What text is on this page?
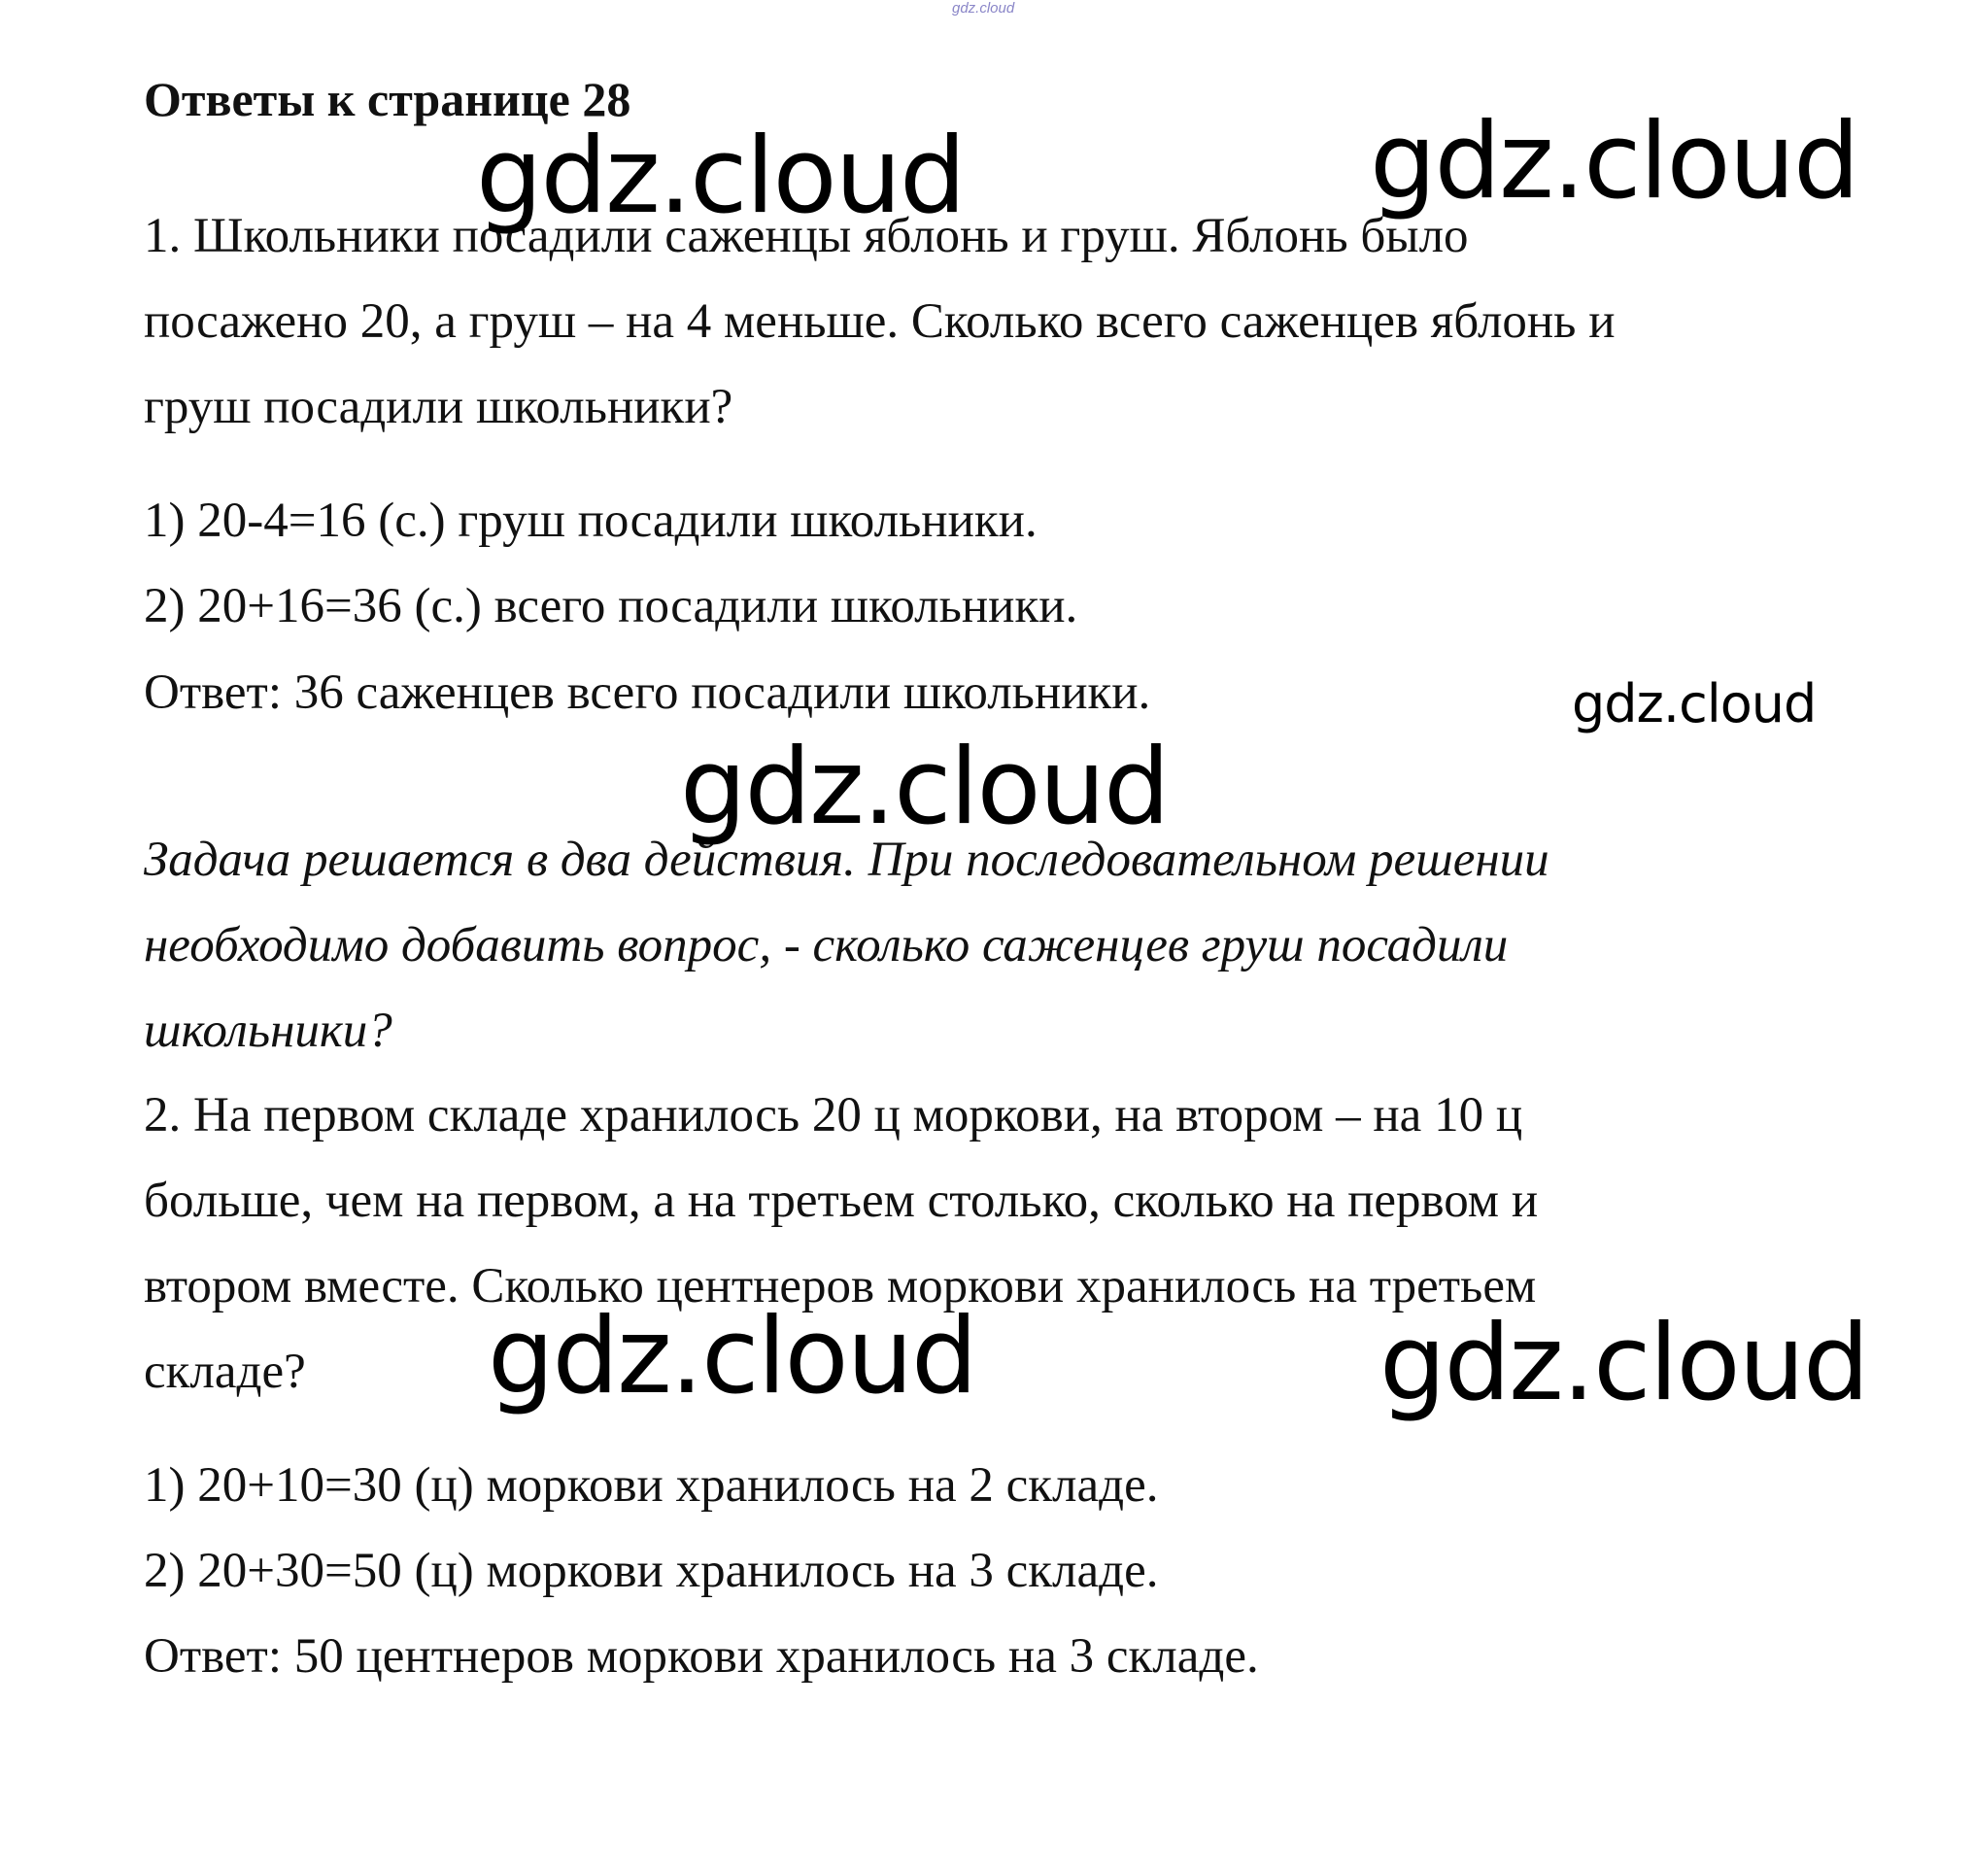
gdz.cloud
Ответы к странице 28
1. Школьники посадили саженцы яблонь и груш. Яблонь было
посажено 20, а груш – на 4 меньше. Сколько всего саженцев яблонь и
груш посадили школьники?
1) 20-4=16 (с.) груш посадили школьники.
2) 20+16=36 (с.) всего посадили школьники.
Ответ: 36 саженцев всего посадили школьники.
Задача решается в два действия. При последовательном решении
необходимо добавить вопрос, - сколько саженцев груш посадили
школьники?
2. На первом складе хранилось 20 ц моркови, на втором – на 10 ц
больше, чем на первом, а на третьем столько, сколько на первом и
втором вместе. Сколько центнеров моркови хранилось на третьем
складе?
1) 20+10=30 (ц) моркови хранилось на 2 складе.
2) 20+30=50 (ц) моркови хранилось на 3 складе.
Ответ: 50 центнеров моркови хранилось на 3 складе.
gdz.cloud	gdz.cloud
gdz.cloud
gdz.cloud
gdz.cloud	gdz.cloud
